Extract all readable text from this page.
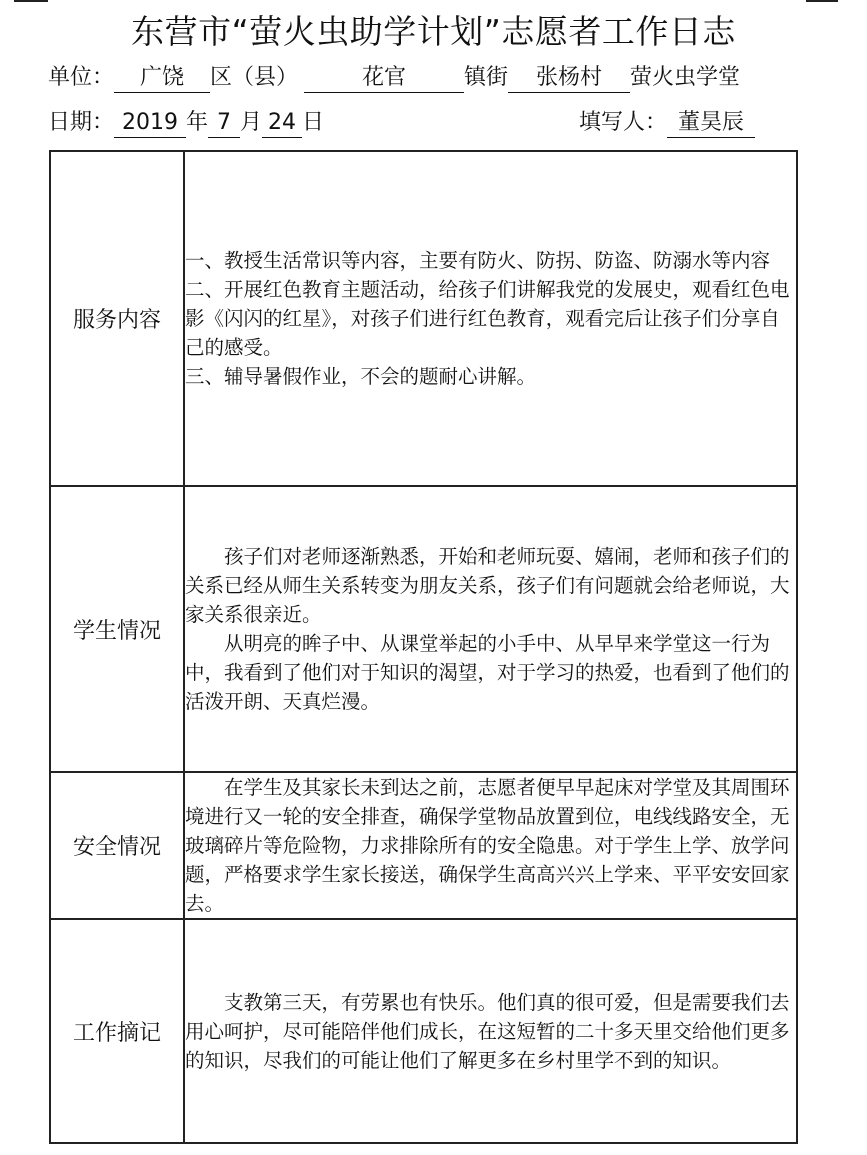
东营市“萤火虫助学计划”志愿者工作日志
单位： 广饶 区（县）	花官	镇街 张杨村 萤火虫学堂
日期： 2019 年 7 月 24 日	填写人： 董昊辰
服务内容	一、教授生活常识等内容，主要有防火、防拐、防盗、防溺水等内容

二、开展红色教育主题活动，给孩子们讲解我党的发展史，观看红色电影《闪闪的红星》，对孩子们进行红色教育，观看完后让孩子们分享自己的感受。

三、辅导暑假作业，不会的题耐心讲解。

学生情况	孩子们对老师逐渐熟悉，开始和老师玩耍、嬉闹，老师和孩子们的关系已经从师生关系转变为朋友关系，孩子们有问题就会给老师说，大家关系很亲近。

从明亮的眸子中、从课堂举起的小手中、从早早来学堂这一行为中，我看到了他们对于知识的渴望，对于学习的热爱，也看到了他们的活泼开朗、天真烂漫。

安全情况	在学生及其家长未到达之前，志愿者便早早起床对学堂及其周围环境进行又一轮的安全排查，确保学堂物品放置到位，电线线路安全，无玻璃碎片等危险物，力求排除所有的安全隐患。对于学生上学、放学问题，严格要求学生家长接送，确保学生高高兴兴上学来、平平安安回家去。

工作摘记	支教第三天，有劳累也有快乐。他们真的很可爱，但是需要我们去用心呵护，尽可能陪伴他们成长，在这短暂的二十多天里交给他们更多的知识，尽我们的可能让他们了解更多在乡村里学不到的知识。
